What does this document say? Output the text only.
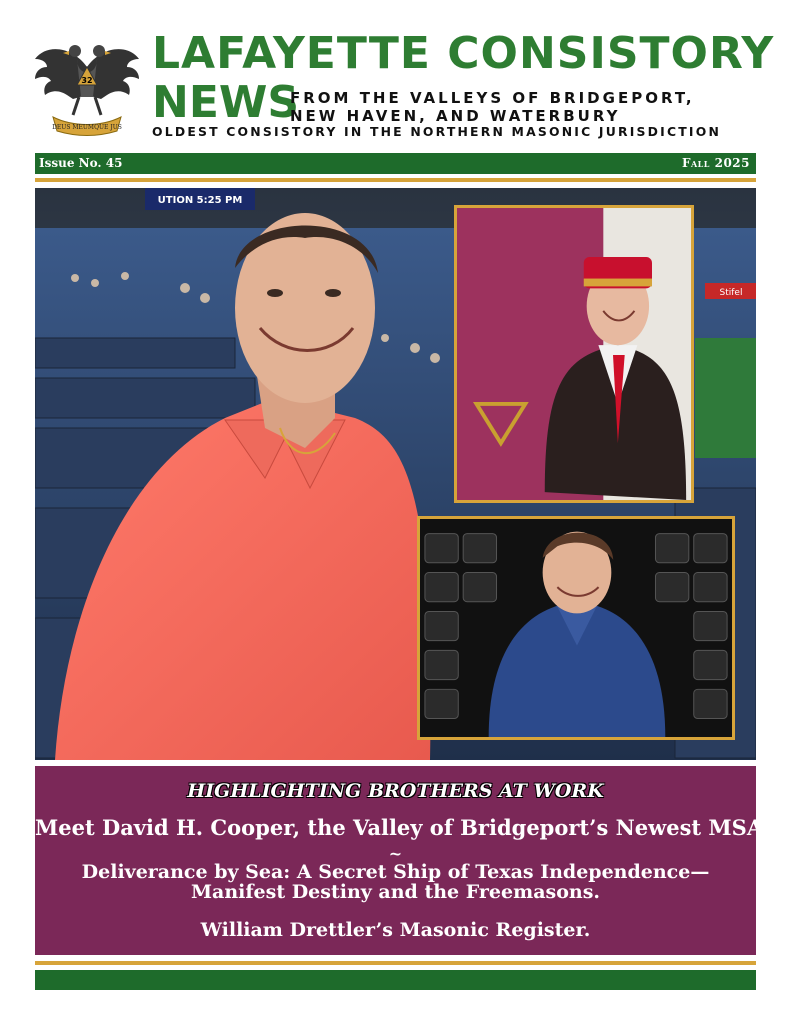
32
DEUS MEUMQUE JUS
LAFAYETTE CONSISTORY
NEWS
FROM THE VALLEYS OF BRIDGEPORT,
NEW HAVEN, AND WATERBURY
OLDEST CONSISTORY IN THE NORTHERN MASONIC JURISDICTION
Issue No. 45	Fall 2025
UTION 5:25 PM
Stifel
HIGHLIGHTING BROTHERS AT WORK
Meet David H. Cooper, the Valley of Bridgeport’s Newest MSA.
~
Deliverance by Sea: A Secret Ship of Texas Independence—
Manifest Destiny and the Freemasons.
William Drettler’s Masonic Register.
